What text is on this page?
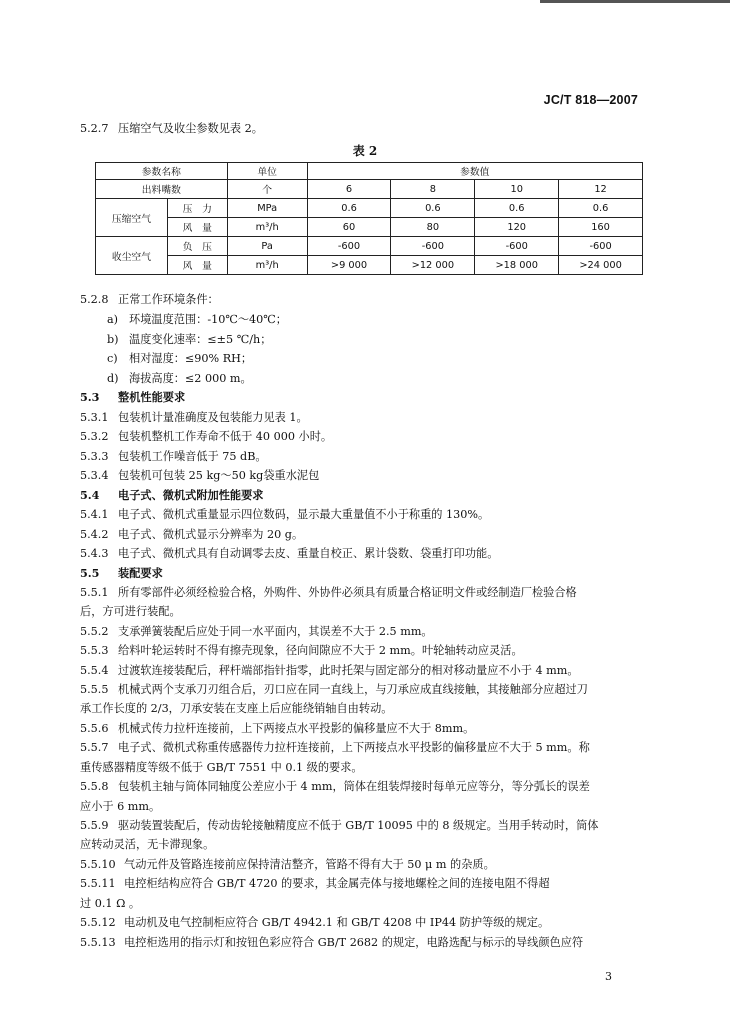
JC/T 818—2007
5.2.7 压缩空气及收尘参数见表 2。
表 2
参数名称		单位	参数值			
出料嘴数		个	6	8	10	12
压缩空气	压　力	MPa	0.6	0.6	0.6	0.6
	风　量	m³/h	60	80	120	160
收尘空气	负　压	Pa	-600	-600	-600	-600
	风　量	m³/h	>9 000	>12 000	>18 000	>24 000
5.2.8 正常工作环境条件：
a) 环境温度范围：-10℃～40℃；
b) 温度变化速率：≤±5 ℃/h；
c) 相对湿度：≤90% RH；
d) 海拔高度：≤2 000 m。
5.3 整机性能要求
5.3.1 包装机计量准确度及包装能力见表 1。
5.3.2 包装机整机工作寿命不低于 40 000 小时。
5.3.3 包装机工作噪音低于 75 dB。
5.3.4 包装机可包装 25 kg～50 kg袋重水泥包
5.4 电子式、微机式附加性能要求
5.4.1 电子式、微机式重量显示四位数码，显示最大重量值不小于称重的 130%。
5.4.2 电子式、微机式显示分辨率为 20 g。
5.4.3 电子式、微机式具有自动调零去皮、重量自校正、累计袋数、袋重打印功能。
5.5 装配要求
5.5.1 所有零部件必须经检验合格，外购件、外协件必须具有质量合格证明文件或经制造厂检验合格
后，方可进行装配。
5.5.2 支承弹簧装配后应处于同一水平面内，其误差不大于 2.5 mm。
5.5.3 给料叶轮运转时不得有擦壳现象，径向间隙应不大于 2 mm。叶轮轴转动应灵活。
5.5.4 过渡软连接装配后，秤杆端部指针指零，此时托架与固定部分的相对移动量应不小于 4 mm。
5.5.5 机械式两个支承刀刃组合后，刃口应在同一直线上，与刀承应成直线接触，其接触部分应超过刀
承工作长度的 2/3，刀承安装在支座上后应能绕销轴自由转动。
5.5.6 机械式传力拉杆连接前，上下两接点水平投影的偏移量应不大于 8mm。
5.5.7 电子式、微机式称重传感器传力拉杆连接前，上下两接点水平投影的偏移量应不大于 5 mm。称
重传感器精度等级不低于 GB/T 7551 中 0.1 级的要求。
5.5.8 包装机主轴与筒体同轴度公差应小于 4 mm，筒体在组装焊接时每单元应等分，等分弧长的误差
应小于 6 mm。
5.5.9 驱动装置装配后，传动齿轮接触精度应不低于 GB/T 10095 中的 8 级规定。当用手转动时，筒体
应转动灵活，无卡滞现象。
5.5.10 气动元件及管路连接前应保持清洁整齐，管路不得有大于 50 μ m 的杂质。
5.5.11 电控柜结构应符合 GB/T 4720 的要求，其金属壳体与接地螺栓之间的连接电阻不得超
过 0.1 Ω 。
5.5.12 电动机及电气控制柜应符合 GB/T 4942.1 和 GB/T 4208 中 IP44 防护等级的规定。
5.5.13 电控柜选用的指示灯和按钮色彩应符合 GB/T 2682 的规定，电路选配与标示的导线颜色应符
3
